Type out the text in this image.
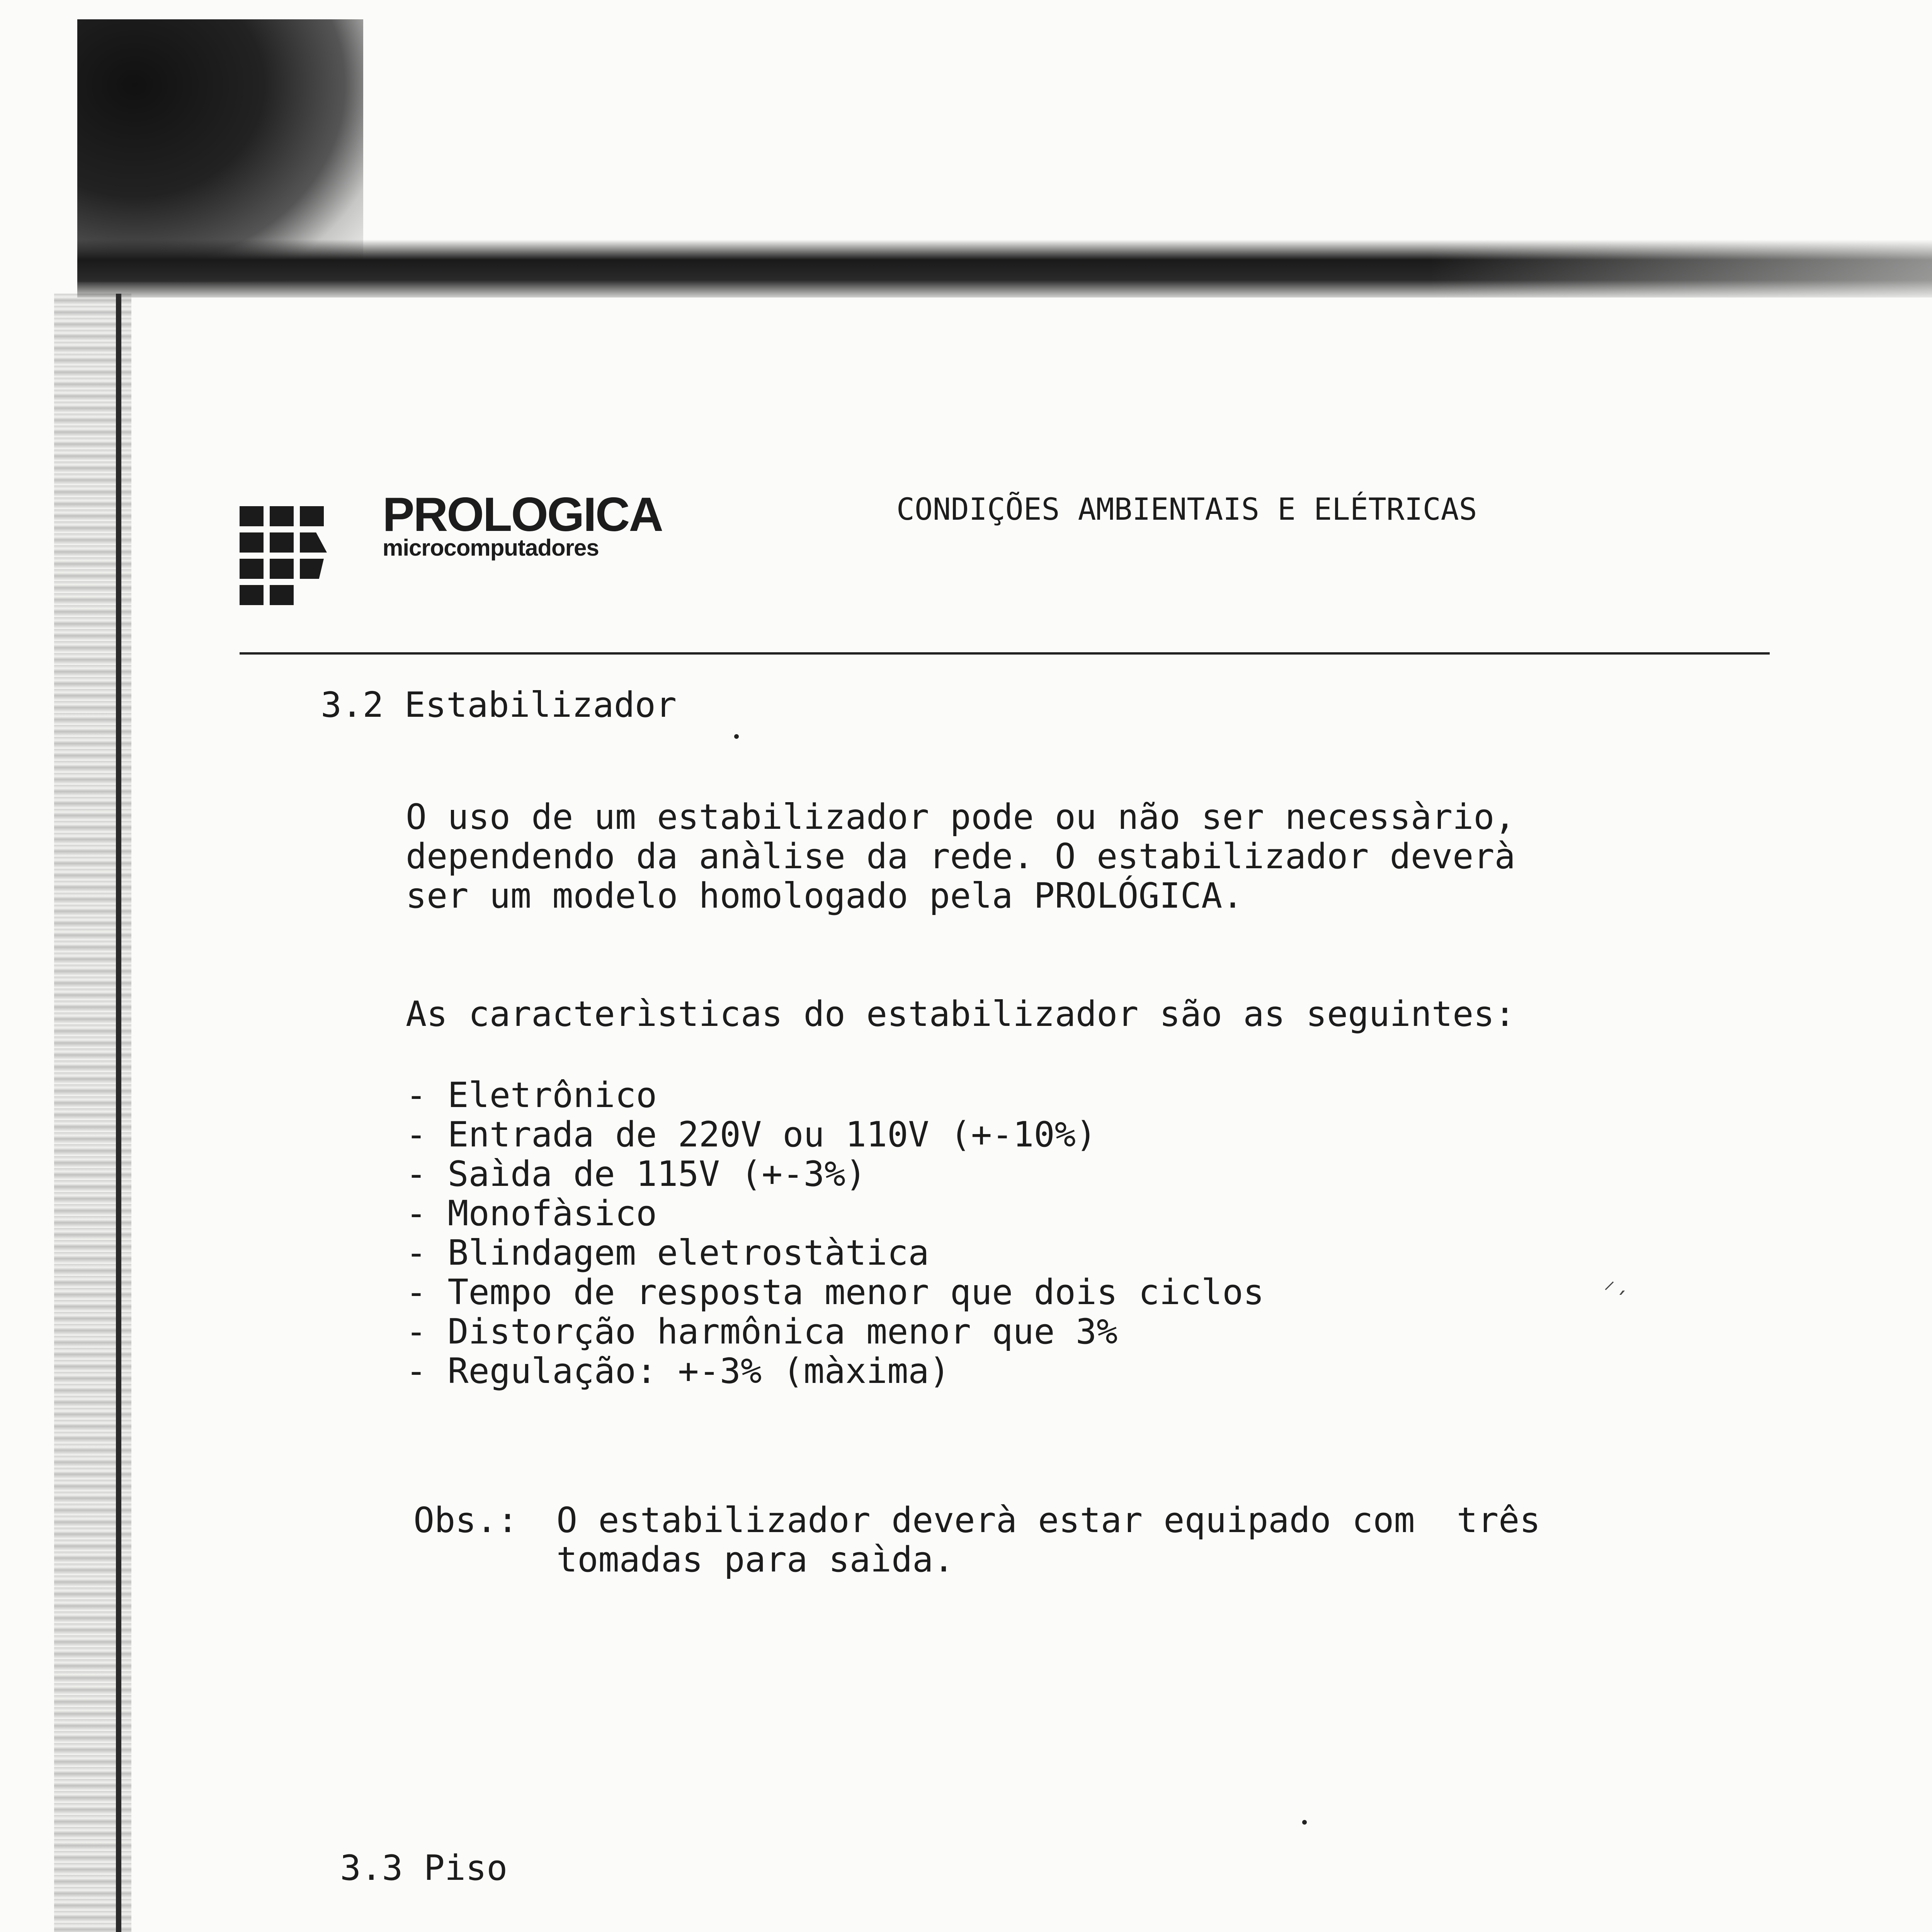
PROLOGICA
microcomputadores
CONDIÇÕES AMBIENTAIS E ELÉTRICAS
3.2 Estabilizador
O uso de um estabilizador pode ou não ser necessàrio,
dependendo da anàlise da rede. O estabilizador deverà
ser um modelo homologado pela PROLÓGICA.
As caracterìsticas do estabilizador são as seguintes:
- Eletrônico
- Entrada de 220V ou 110V (+-10%)
- Saìda de 115V (+-3%)
- Monofàsico
- Blindagem eletrostàtica
- Tempo de resposta menor que dois ciclos
- Distorção harmônica menor que 3%
- Regulação: +-3% (màxima)
Obs.: O estabilizador deverà estar equipado com  três
tomadas para saìda.
3.3 Piso
⸝ˏ
